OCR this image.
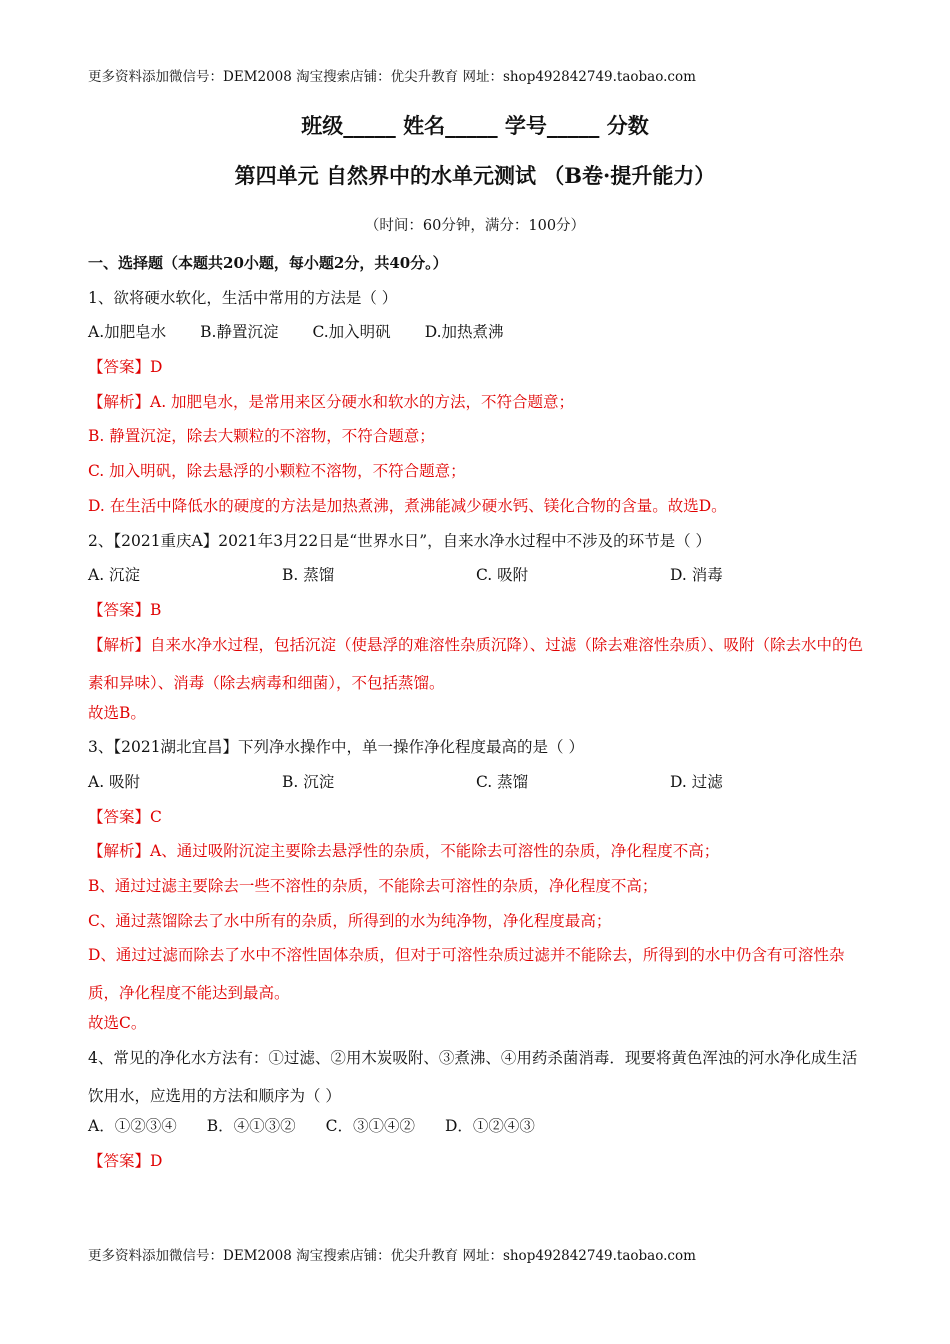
更多资料添加微信号：DEM2008 淘宝搜索店铺：优尖升教育 网址：shop492842749.taobao.com
班级_____ 姓名_____ 学号_____ 分数
第四单元 自然界中的水单元测试 （B卷·提升能力）
（时间：60分钟，满分：100分）
一、选择题（本题共20小题，每小题2分，共40分。）
1、欲将硬水软化，生活中常用的方法是（ ）
A.加肥皂水 B.静置沉淀 C.加入明矾 D.加热煮沸
【答案】D
【解析】A. 加肥皂水，是常用来区分硬水和软水的方法，不符合题意；
B. 静置沉淀，除去大颗粒的不溶物，不符合题意；
C. 加入明矾，除去悬浮的小颗粒不溶物，不符合题意；
D. 在生活中降低水的硬度的方法是加热煮沸，煮沸能减少硬水钙、镁化合物的含量。故选D。
2、【2021重庆A】2021年3月22日是“世界水日”，自来水净水过程中不涉及的环节是（ ）
A. 沉淀	B. 蒸馏	C. 吸附	D. 消毒
【答案】B
【解析】自来水净水过程，包括沉淀（使悬浮的难溶性杂质沉降）、过滤（除去难溶性杂质）、吸附（除去水中的色素和异味）、消毒（除去病毒和细菌），不包括蒸馏。
故选B。
3、【2021湖北宜昌】下列净水操作中，单一操作净化程度最高的是（ ）
A. 吸附	B. 沉淀	C. 蒸馏	D. 过滤
【答案】C
【解析】A、通过吸附沉淀主要除去悬浮性的杂质，不能除去可溶性的杂质，净化程度不高；
B、通过过滤主要除去一些不溶性的杂质，不能除去可溶性的杂质，净化程度不高；
C、通过蒸馏除去了水中所有的杂质，所得到的水为纯净物，净化程度最高；
D、通过过滤而除去了水中不溶性固体杂质，但对于可溶性杂质过滤并不能除去，所得到的水中仍含有可溶性杂质，净化程度不能达到最高。
故选C。
4、常见的净化水方法有：①过滤、②用木炭吸附、③煮沸、④用药杀菌消毒．现要将黄色浑浊的河水净化成生活饮用水，应选用的方法和顺序为（ ）
A．①②③④ B．④①③② C．③①④② D．①②④③
【答案】D
更多资料添加微信号：DEM2008 淘宝搜索店铺：优尖升教育 网址：shop492842749.taobao.com
